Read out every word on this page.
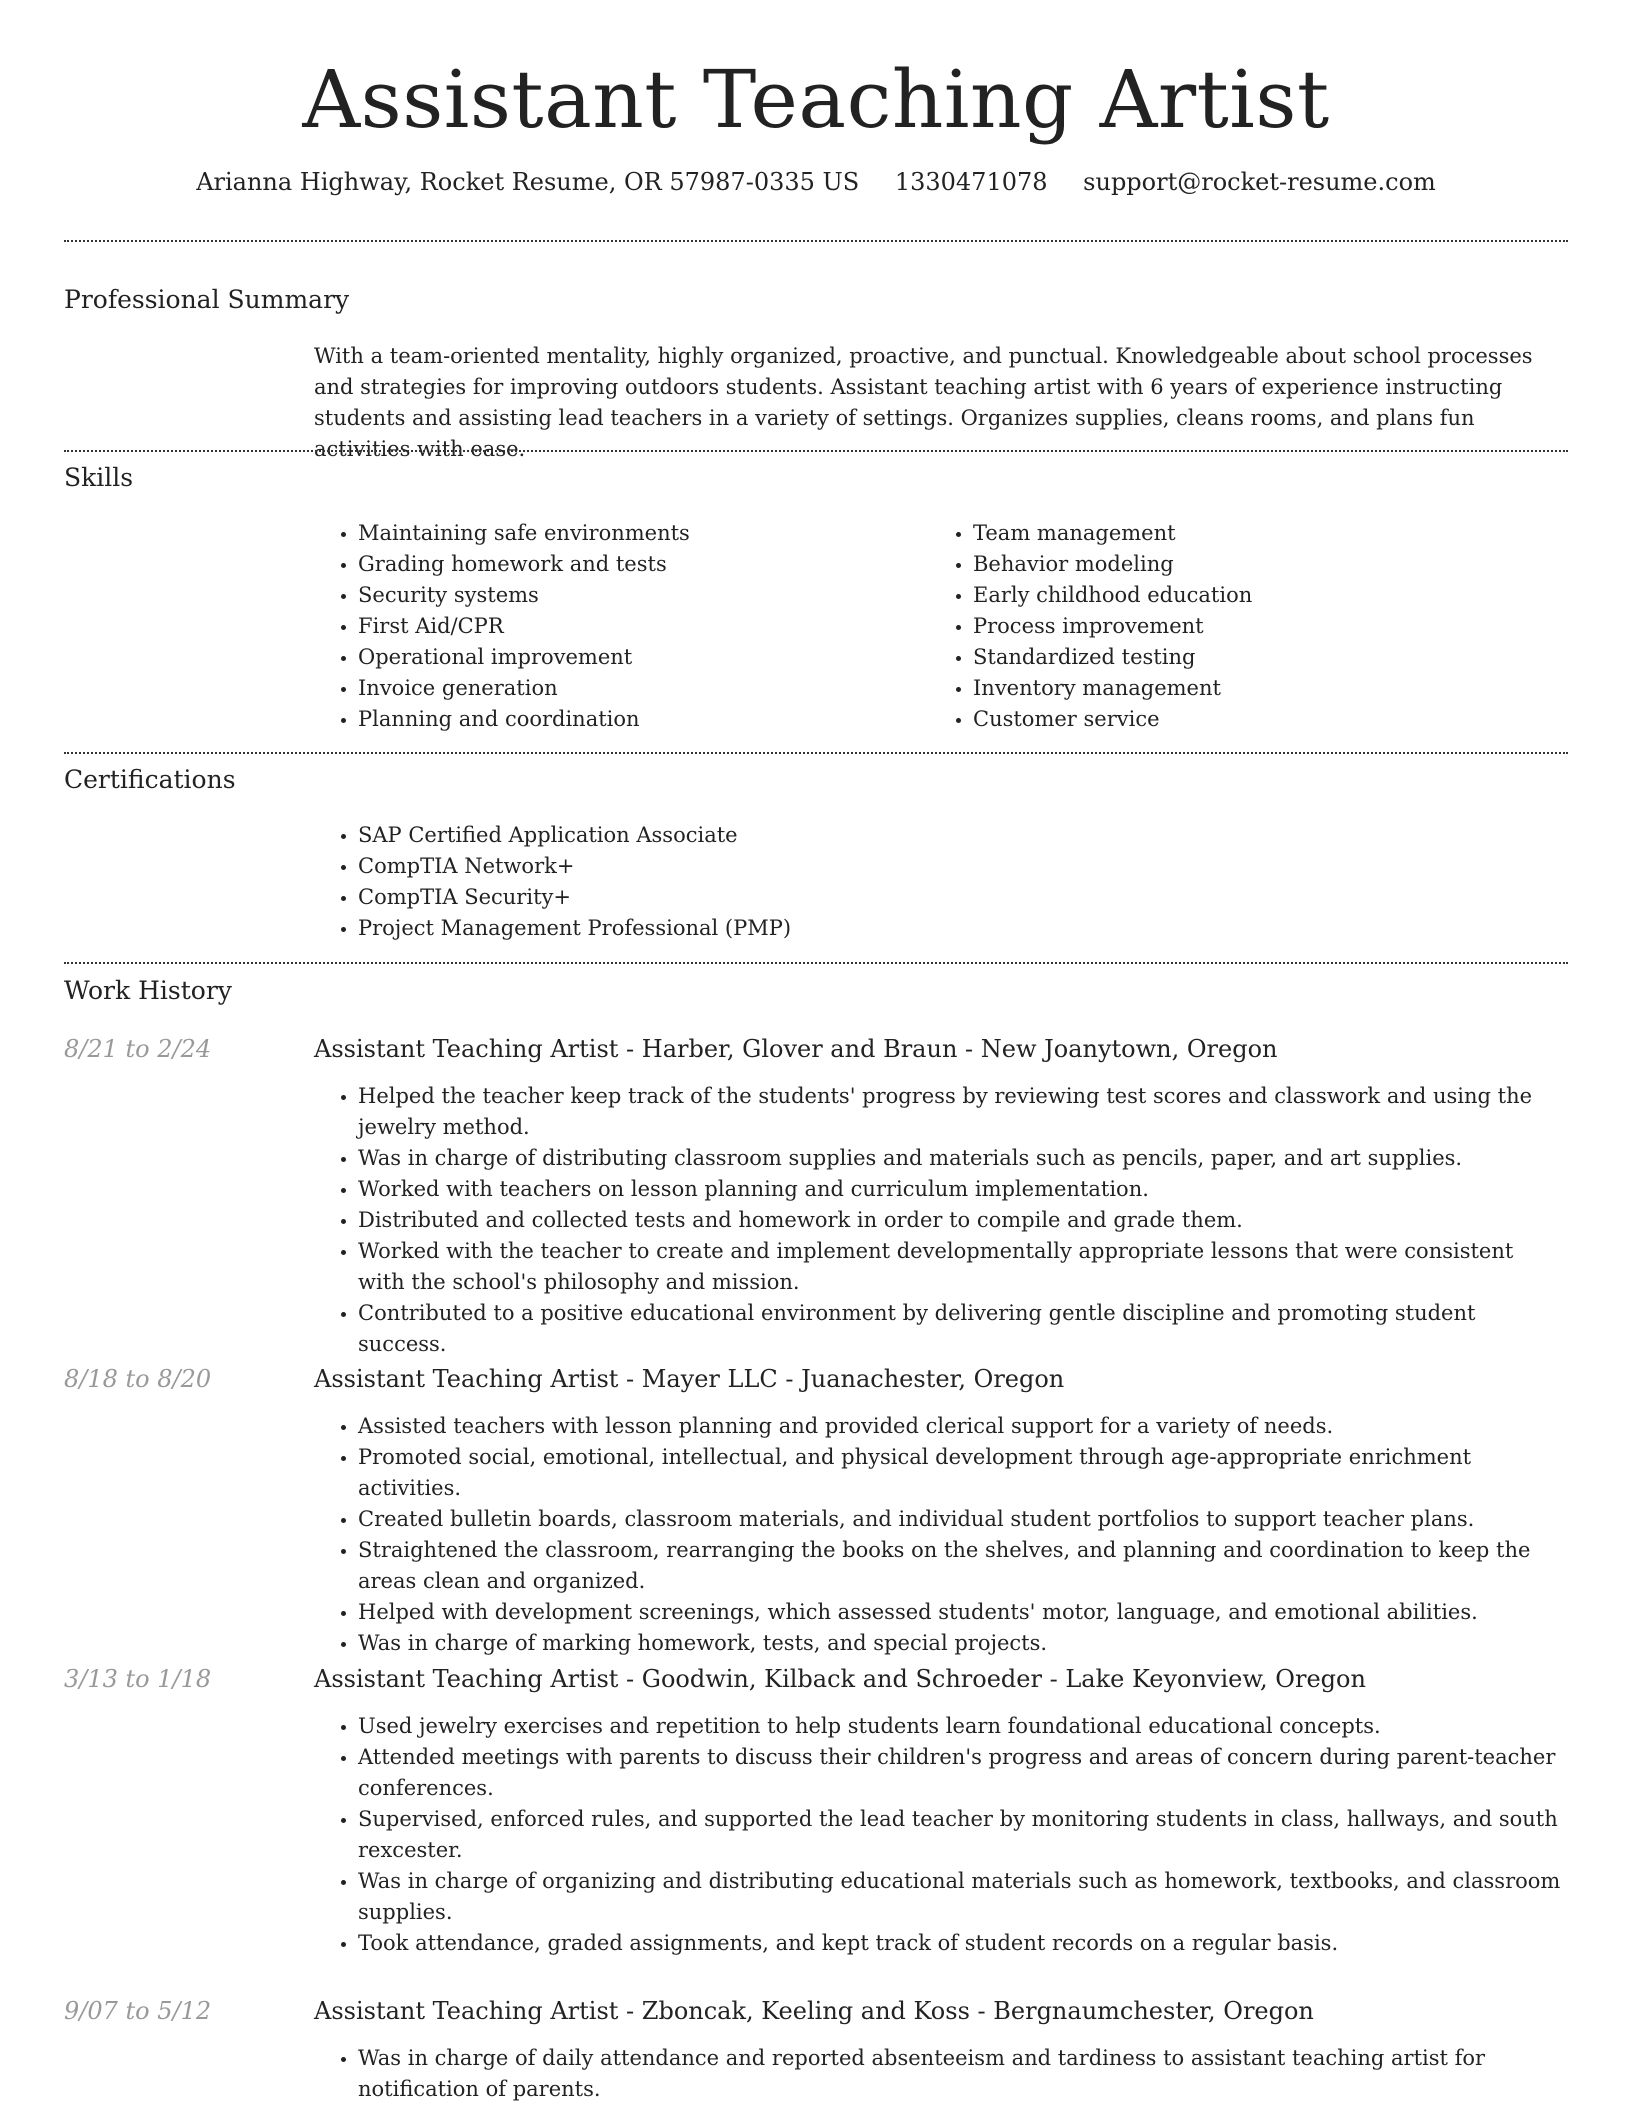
Assistant Teaching Artist
Arianna Highway, Rocket Resume, OR 57987-0335 US 1330471078 support@rocket-resume.com
Professional Summary
With a team-oriented mentality, highly organized, proactive, and punctual. Knowledgeable about school processes and strategies for improving outdoors students. Assistant teaching artist with 6 years of experience instructing students and assisting lead teachers in a variety of settings. Organizes supplies, cleans rooms, and plans fun activities with ease.
Skills
• Maintaining safe environments
• Grading homework and tests
• Security systems
• First Aid/CPR
• Operational improvement
• Invoice generation
• Planning and coordination
• Team management
• Behavior modeling
• Early childhood education
• Process improvement
• Standardized testing
• Inventory management
• Customer service
Certifications
• SAP Certified Application Associate
• CompTIA Network+
• CompTIA Security+
• Project Management Professional (PMP)
Work History
8/21 to 2/24	Assistant Teaching Artist - Harber, Glover and Braun - New Joanytown, Oregon
• Helped the teacher keep track of the students' progress by reviewing test scores and classwork and using the jewelry method.
• Was in charge of distributing classroom supplies and materials such as pencils, paper, and art supplies.
• Worked with teachers on lesson planning and curriculum implementation.
• Distributed and collected tests and homework in order to compile and grade them.
• Worked with the teacher to create and implement developmentally appropriate lessons that were consistent with the school's philosophy and mission.
• Contributed to a positive educational environment by delivering gentle discipline and promoting student success.
8/18 to 8/20	Assistant Teaching Artist - Mayer LLC - Juanachester, Oregon
• Assisted teachers with lesson planning and provided clerical support for a variety of needs.
• Promoted social, emotional, intellectual, and physical development through age-appropriate enrichment activities.
• Created bulletin boards, classroom materials, and individual student portfolios to support teacher plans.
• Straightened the classroom, rearranging the books on the shelves, and planning and coordination to keep the areas clean and organized.
• Helped with development screenings, which assessed students' motor, language, and emotional abilities.
• Was in charge of marking homework, tests, and special projects.
3/13 to 1/18	Assistant Teaching Artist - Goodwin, Kilback and Schroeder - Lake Keyonview, Oregon
• Used jewelry exercises and repetition to help students learn foundational educational concepts.
• Attended meetings with parents to discuss their children's progress and areas of concern during parent-teacher conferences.
• Supervised, enforced rules, and supported the lead teacher by monitoring students in class, hallways, and south rexcester.
• Was in charge of organizing and distributing educational materials such as homework, textbooks, and classroom supplies.
• Took attendance, graded assignments, and kept track of student records on a regular basis.
9/07 to 5/12	Assistant Teaching Artist - Zboncak, Keeling and Koss - Bergnaumchester, Oregon
• Was in charge of daily attendance and reported absenteeism and tardiness to assistant teaching artist for notification of parents.
